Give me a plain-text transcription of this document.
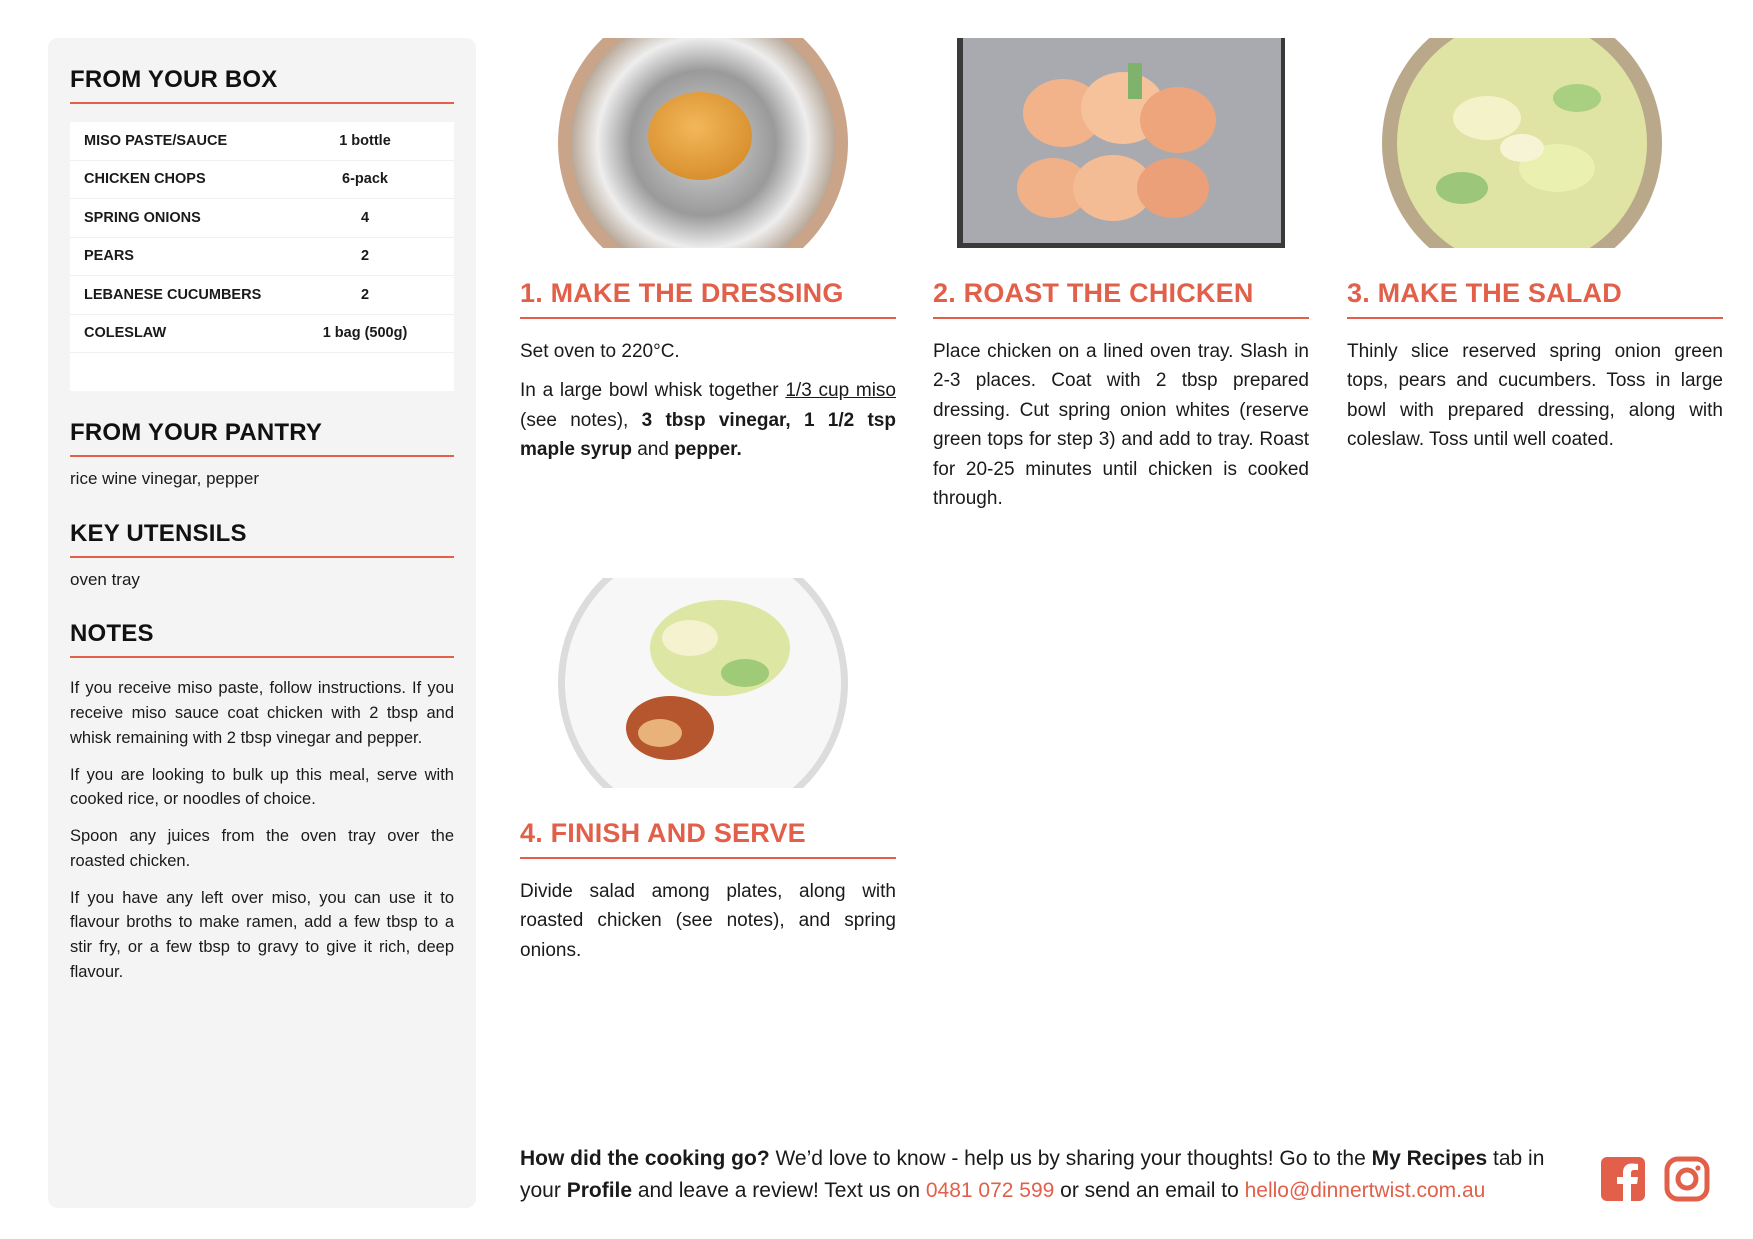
FROM YOUR BOX
MISO PASTE/SAUCE	1 bottle
CHICKEN CHOPS	6-pack
SPRING ONIONS	4
PEARS	2
LEBANESE CUCUMBERS	2
COLESLAW	1 bag (500g)
FROM YOUR PANTRY
rice wine vinegar, pepper
KEY UTENSILS
oven tray
NOTES

If you receive miso paste, follow instructions. If you receive miso sauce coat chicken with 2 tbsp and whisk remaining with 2 tbsp vinegar and pepper.

If you are looking to bulk up this meal, serve with cooked rice, or noodles of choice.

Spoon any juices from the oven tray over the roasted chicken.

If you have any left over miso, you can use it to flavour broths to make ramen, add a few tbsp to a stir fry, or a few tbsp to gravy to give it rich, deep flavour.

1. MAKE THE DRESSING

Set oven to 220°C.

In a large bowl whisk together 1/3 cup miso (see notes), 3 tbsp vinegar, 1 1/2 tsp maple syrup and pepper.

2. ROAST THE CHICKEN

Place chicken on a lined oven tray. Slash in 2-3 places. Coat with 2 tbsp prepared dressing. Cut spring onion whites (reserve green tops for step 3) and add to tray. Roast for 20-25 minutes until chicken is cooked through.

3. MAKE THE SALAD

Thinly slice reserved spring onion green tops, pears and cucumbers. Toss in large bowl with prepared dressing, along with coleslaw. Toss until well coated.

4. FINISH AND SERVE

Divide salad among plates, along with roasted chicken (see notes), and spring onions.

How did the cooking go? We’d love to know - help us by sharing your thoughts! Go to the My Recipes tab in your Profile and leave a review! Text us on 0481 072 599 or send an email to hello@dinnertwist.com.au
